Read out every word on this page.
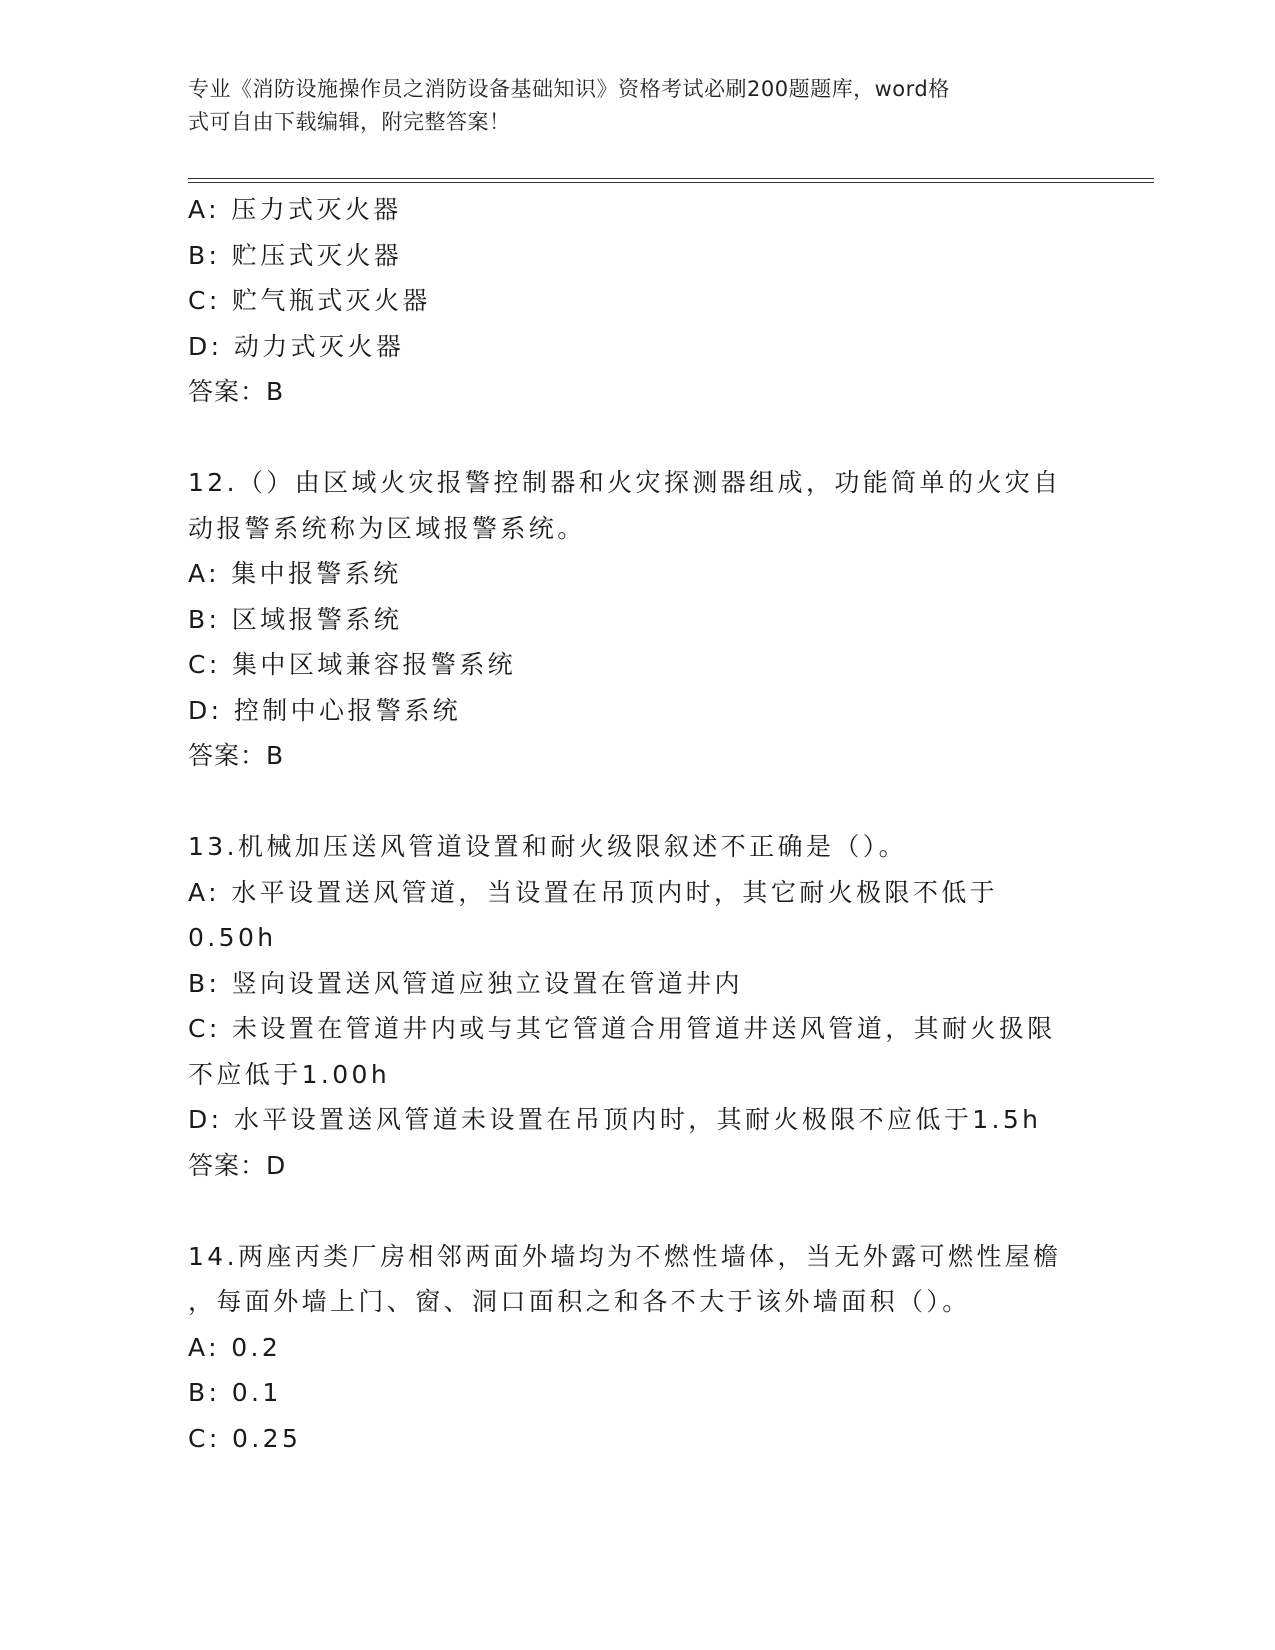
专业《消防设施操作员之消防设备基础知识》资格考试必刷200题题库，word格
式可自由下载编辑，附完整答案！
A: 压力式灭火器
B: 贮压式灭火器
C: 贮气瓶式灭火器
D: 动力式灭火器
答案：B
12.（）由区域火灾报警控制器和火灾探测器组成，功能简单的火灾自
动报警系统称为区域报警系统。
A: 集中报警系统
B: 区域报警系统
C: 集中区域兼容报警系统
D: 控制中心报警系统
答案：B
13.机械加压送风管道设置和耐火级限叙述不正确是（）。
A: 水平设置送风管道，当设置在吊顶内时，其它耐火极限不低于
0.50h
B: 竖向设置送风管道应独立设置在管道井内
C: 未设置在管道井内或与其它管道合用管道井送风管道，其耐火扱限
不应低于1.00h
D: 水平设置送风管道未设置在吊顶内时，其耐火极限不应低于1.5h
答案：D
14.两座丙类厂房相邻两面外墙均为不燃性墙体，当无外露可燃性屋檐
，每面外墙上门、窗、洞口面积之和各不大于该外墙面积（）。
A: 0.2
B: 0.1
C: 0.25
